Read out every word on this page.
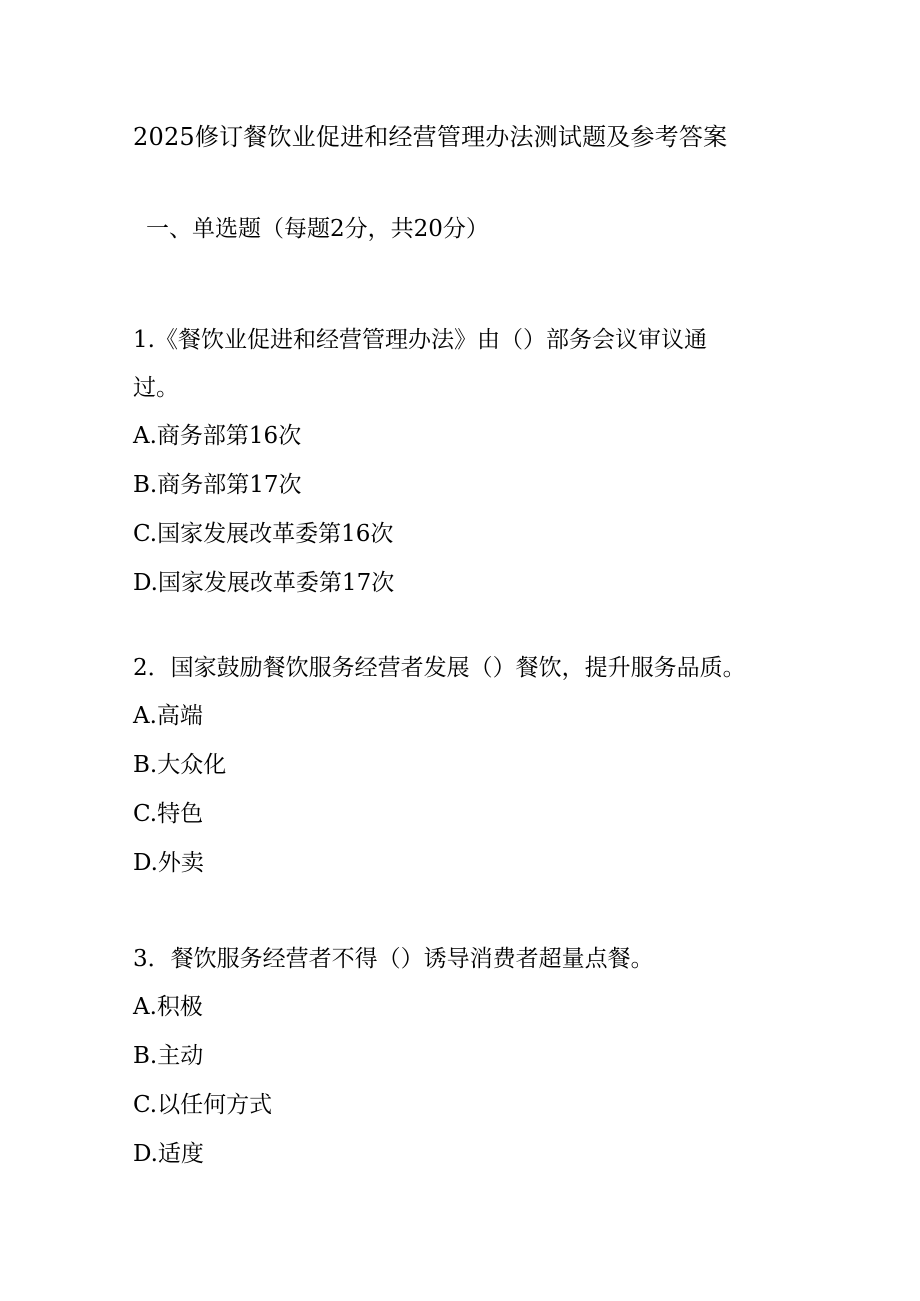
2025修订餐饮业促进和经营管理办法测试题及参考答案
一、单选题（每题2分，共20分）

1.《餐饮业促进和经营管理办法》由（）部务会议审议通
过。

A.商务部第16次
B.商务部第17次
C.国家发展改革委第16次
D.国家发展改革委第17次

2．国家鼓励餐饮服务经营者发展（）餐饮，提升服务品质。

A.高端
B.大众化
C.特色
D.外卖

3．餐饮服务经营者不得（）诱导消费者超量点餐。

A.积极
B.主动
C.以任何方式
D.适度
